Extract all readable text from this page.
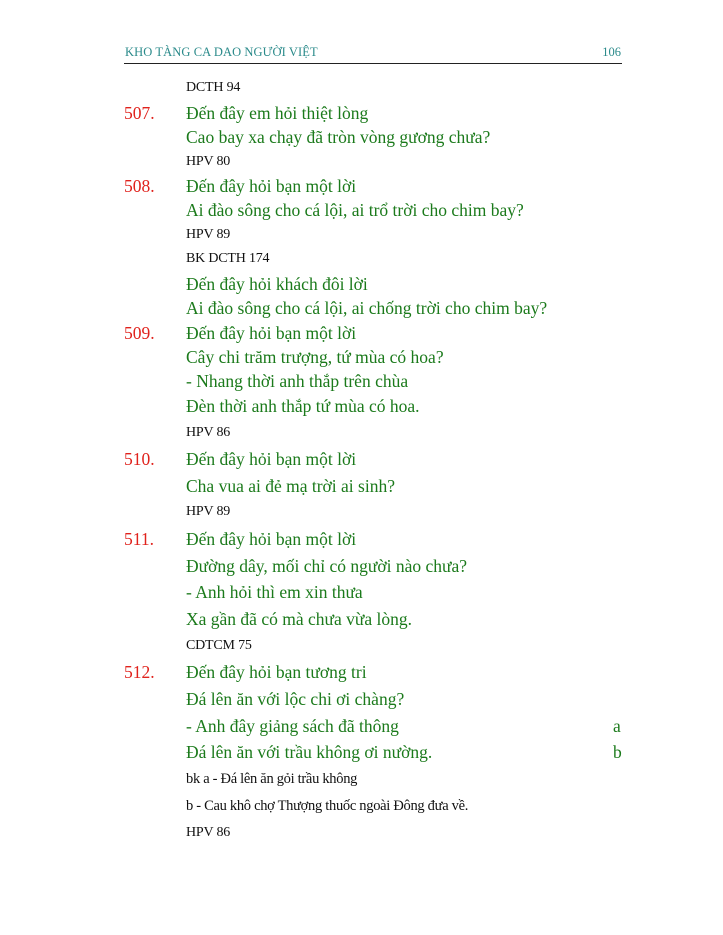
KHO TÀNG CA DAO NGƯỜI VIỆT	106
DCTH 94
507. Đến đây em hỏi thiệt lòng
Cao bay xa chạy đã tròn vòng gương chưa?
HPV 80
508. Đến đây hỏi bạn một lời
Ai đào sông cho cá lội, ai trổ trời cho chim bay?
HPV 89
BK DCTH 174
Đến đây hỏi khách đôi lời
Ai đào sông cho cá lội, ai chống trời cho chim bay?
509. Đến đây hỏi bạn một lời
Cây chi trăm trượng, tứ mùa có hoa?
- Nhang thời anh thắp trên chùa
Đèn thời anh thắp tứ mùa có hoa.
HPV 86
510. Đến đây hỏi bạn một lời
Cha vua ai đẻ mạ trời ai sinh?
HPV 89
511. Đến đây hỏi bạn một lời
Đường dây, mối chỉ có người nào chưa?
- Anh hỏi thì em xin thưa
Xa gần đã có mà chưa vừa lòng.
CDTCM 75
512. Đến đây hỏi bạn tương tri
Đá lên ăn với lộc chi ơi chàng?
- Anh đây giảng sách đã thông	a
Đá lên ăn với trầu không ơi nường.	b
bk a - Đá lên ăn gỏi trầu không
b - Cau khô chợ Thượng thuốc ngoài Đông đưa về.
HPV 86
